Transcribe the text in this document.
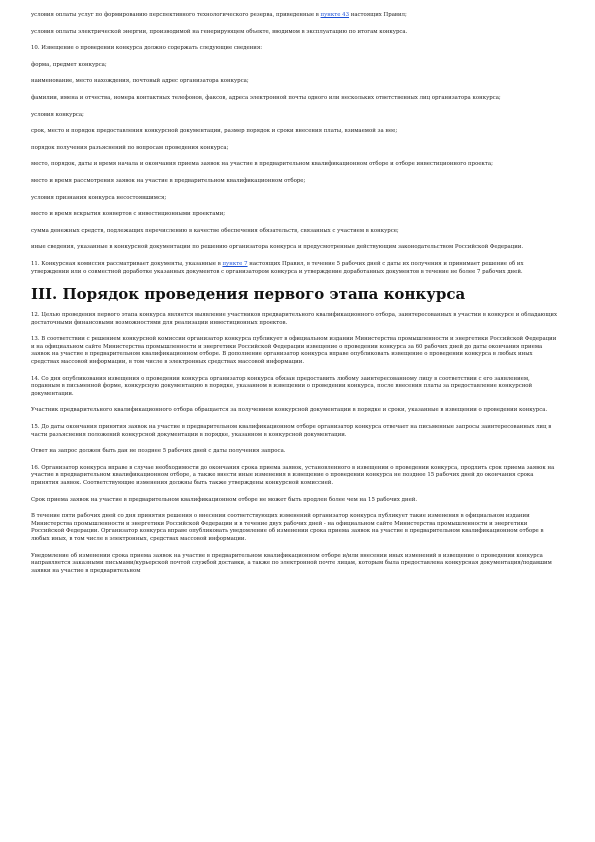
условия оплаты услуг по формированию перспективного технологического резерва, приведенные в пункте 43 настоящих Правил;

условия оплаты электрической энергии, производимой на генерирующем объекте, вводимом в эксплуатацию по итогам конкурса.

10. Извещение о проведении конкурса должно содержать следующие сведения:

форма, предмет конкурса;

наименование, место нахождения, почтовый адрес организатора конкурса;

фамилии, имена и отчества, номера контактных телефонов, факсов, адреса электронной почты одного или нескольких ответственных лиц организатора конкурса;

условия конкурса;

срок, место и порядок предоставления конкурсной документации, размер порядок и сроки внесения платы, взимаемой за нее;

порядок получения разъяснений по вопросам проведения конкурса;

место, порядок, даты и время начала и окончания приема заявок на участие в предварительном квалификационном отборе и отборе инвестиционного проекта;

место и время рассмотрения заявок на участие в предварительном квалификационном отборе;

условия признания конкурса несостоявшимся;

место и время вскрытия конвертов с инвестиционными проектами;

сумма денежных средств, подлежащих перечислению в качестве обеспечения обязательств, связанных с участием в конкурсе;

иные сведения, указанные в конкурсной документации по решению организатора конкурса и предусмотренные действующим законодательством Российской Федерации.

11. Конкурсная комиссия рассматривает документы, указанные в пункте 7 настоящих Правил, в течение 5 рабочих дней с даты их получения и принимает решение об их утверждении или о совместной доработке указанных документов с организатором конкурса и утверждение доработанных документов в течение не более 7 рабочих дней.

III. Порядок проведения первого этапа конкурса

12. Целью проведения первого этапа конкурса является выявление участников предварительного квалификационного отбора, заинтересованных в участии в конкурсе и обладающих достаточными финансовыми возможностями для реализации инвестиционных проектов.

13. В соответствии с решением конкурсной комиссии организатор конкурса публикует в официальном издании Министерства промышленности и энергетики Российской Федерации и на официальном сайте Министерства промышленности и энергетики Российской Федерации извещение о проведении конкурса за 60 рабочих дней до даты окончания приема заявок на участие в предварительном квалификационном отборе. В дополнение организатор конкурса вправе опубликовать извещение о проведении конкурса в любых иных средствах массовой информации, в том числе в электронных средствах массовой информации.

14. Со дня опубликования извещения о проведении конкурса организатор конкурса обязан предоставить любому заинтересованному лицу в соответствии с его заявлением, поданным в письменной форме, конкурсную документацию в порядке, указанном в извещении о проведении конкурса, после внесения платы за предоставление конкурсной документации.

Участник предварительного квалификационного отбора обращается за получением конкурсной документации в порядке и сроки, указанные в извещении о проведении конкурса.

15. До даты окончания принятия заявок на участие в предварительном квалификационном отборе организатор конкурса отвечает на письменные запросы заинтересованных лиц в части разъяснения положений конкурсной документации в порядке, указанном в конкурсной документации.

Ответ на запрос должен быть дан не позднее 5 рабочих дней с даты получения запроса.

16. Организатор конкурса вправе в случае необходимости до окончания срока приема заявок, установленного в извещении о проведении конкурса, продлить срок приема заявок на участие в предварительном квалификационном отборе, а также внести иные изменения в извещение о проведении конкурса не позднее 15 рабочих дней до окончания срока принятия заявок. Соответствующие изменения должны быть также утверждены конкурсной комиссией.

Срок приема заявок на участие в предварительном квалификационном отборе не может быть продлен более чем на 15 рабочих дней.

В течение пяти рабочих дней со дня принятия решения о внесении соответствующих изменений организатор конкурса публикует такие изменения в официальном издании Министерства промышленности и энергетики Российской Федерации и в течение двух рабочих дней - на официальном сайте Министерства промышленности и энергетики Российской Федерации. Организатор конкурса вправе опубликовать уведомление об изменении срока приема заявок на участие в предварительном квалификационном отборе в любых иных, в том числе в электронных, средствах массовой информации.

Уведомление об изменении срока приема заявок на участие в предварительном квалификационном отборе и/или внесении иных изменений в извещение о проведении конкурса направляется заказными письмами/курьерской почтой службой доставки, а также по электронной почте лицам, которым была предоставлена конкурсная документация/подавшим заявки на участие в предварительном
